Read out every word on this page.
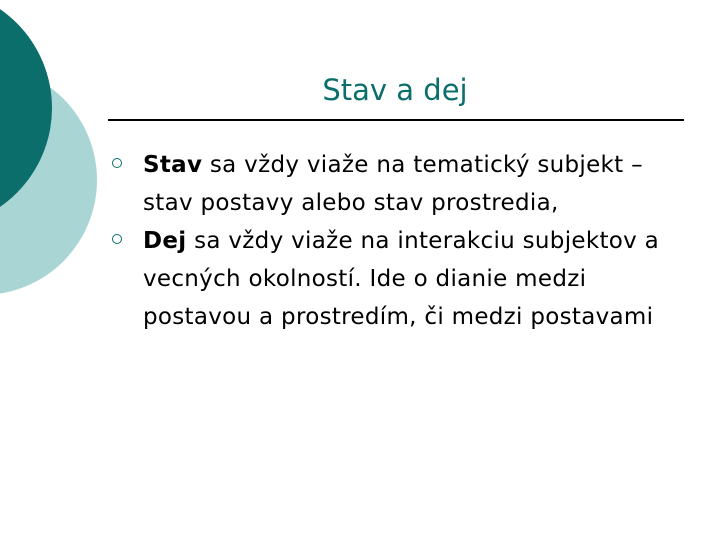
Stav a dej
Stav sa vždy viaže na tematický subjekt – stav postavy alebo stav prostredia,
Dej sa vždy viaže na interakciu subjektov a vecných okolností. Ide o dianie medzi postavou a prostredím, či medzi postavami
